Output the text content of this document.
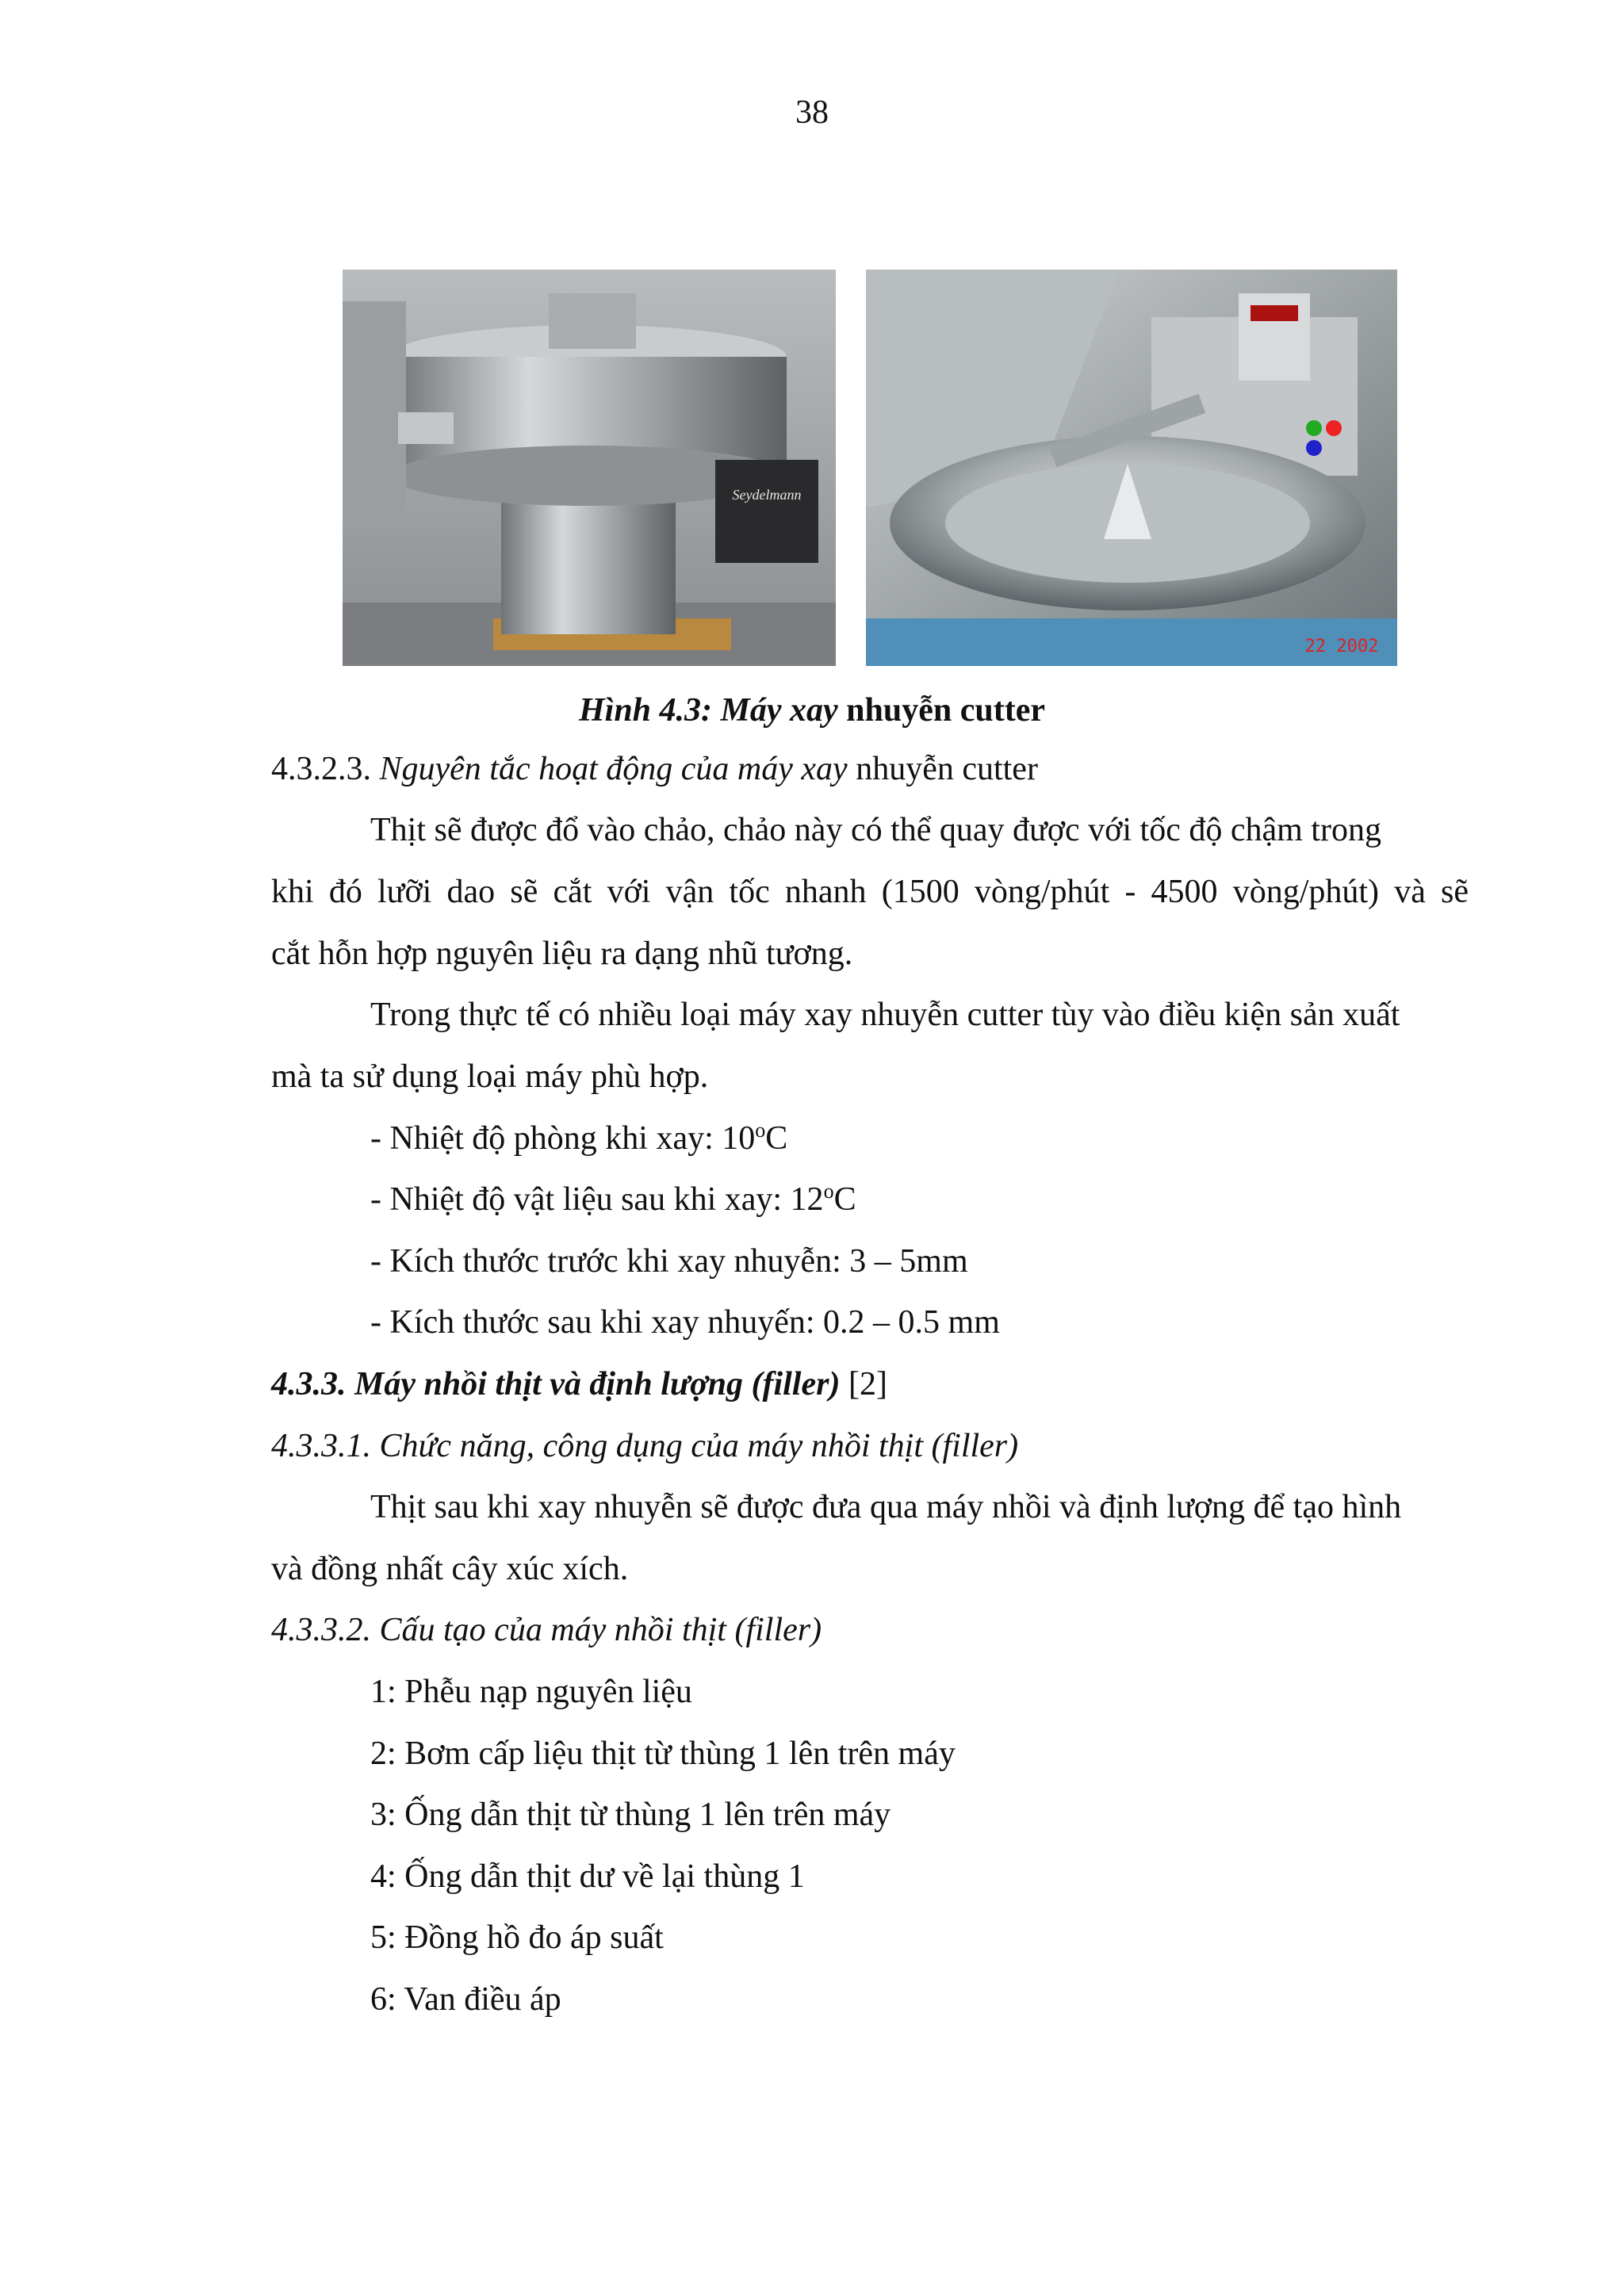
38
Seydelmann
22 2002
Hình 4.3: Máy xay nhuyễn cutter
4.3.2.3. Nguyên tắc hoạt động của máy xay nhuyễn cutter
Thịt sẽ được đổ vào chảo, chảo này có thể quay được với tốc độ chậm trong
khi đó lưỡi dao sẽ cắt với vận tốc nhanh (1500 vòng/phút - 4500 vòng/phút) và sẽ
cắt hỗn hợp nguyên liệu ra dạng nhũ tương.
Trong thực tế có nhiều loại máy xay nhuyễn cutter tùy vào điều kiện sản xuất
mà ta sử dụng loại máy phù hợp.
- Nhiệt độ phòng khi xay: 10$^o$C
- Nhiệt độ vật liệu sau khi xay: 12$^o$C
- Kích thước trước khi xay nhuyễn: 3 – 5mm
- Kích thước sau khi xay nhuyến: 0.2 – 0.5 mm
4.3.3. Máy nhồi thịt và định lượng (filler) [2]
4.3.3.1. Chức năng, công dụng của máy nhồi thịt (filler)
Thịt sau khi xay nhuyễn sẽ được đưa qua máy nhồi và định lượng để tạo hình
và đồng nhất cây xúc xích.
4.3.3.2. Cấu tạo của máy nhồi thịt (filler)
1: Phễu nạp nguyên liệu
2: Bơm cấp liệu thịt từ thùng 1 lên trên máy
3: Ống dẫn thịt từ thùng 1 lên trên máy
4: Ống dẫn thịt dư về lại thùng 1
5: Đồng hồ đo áp suất
6: Van điều áp
